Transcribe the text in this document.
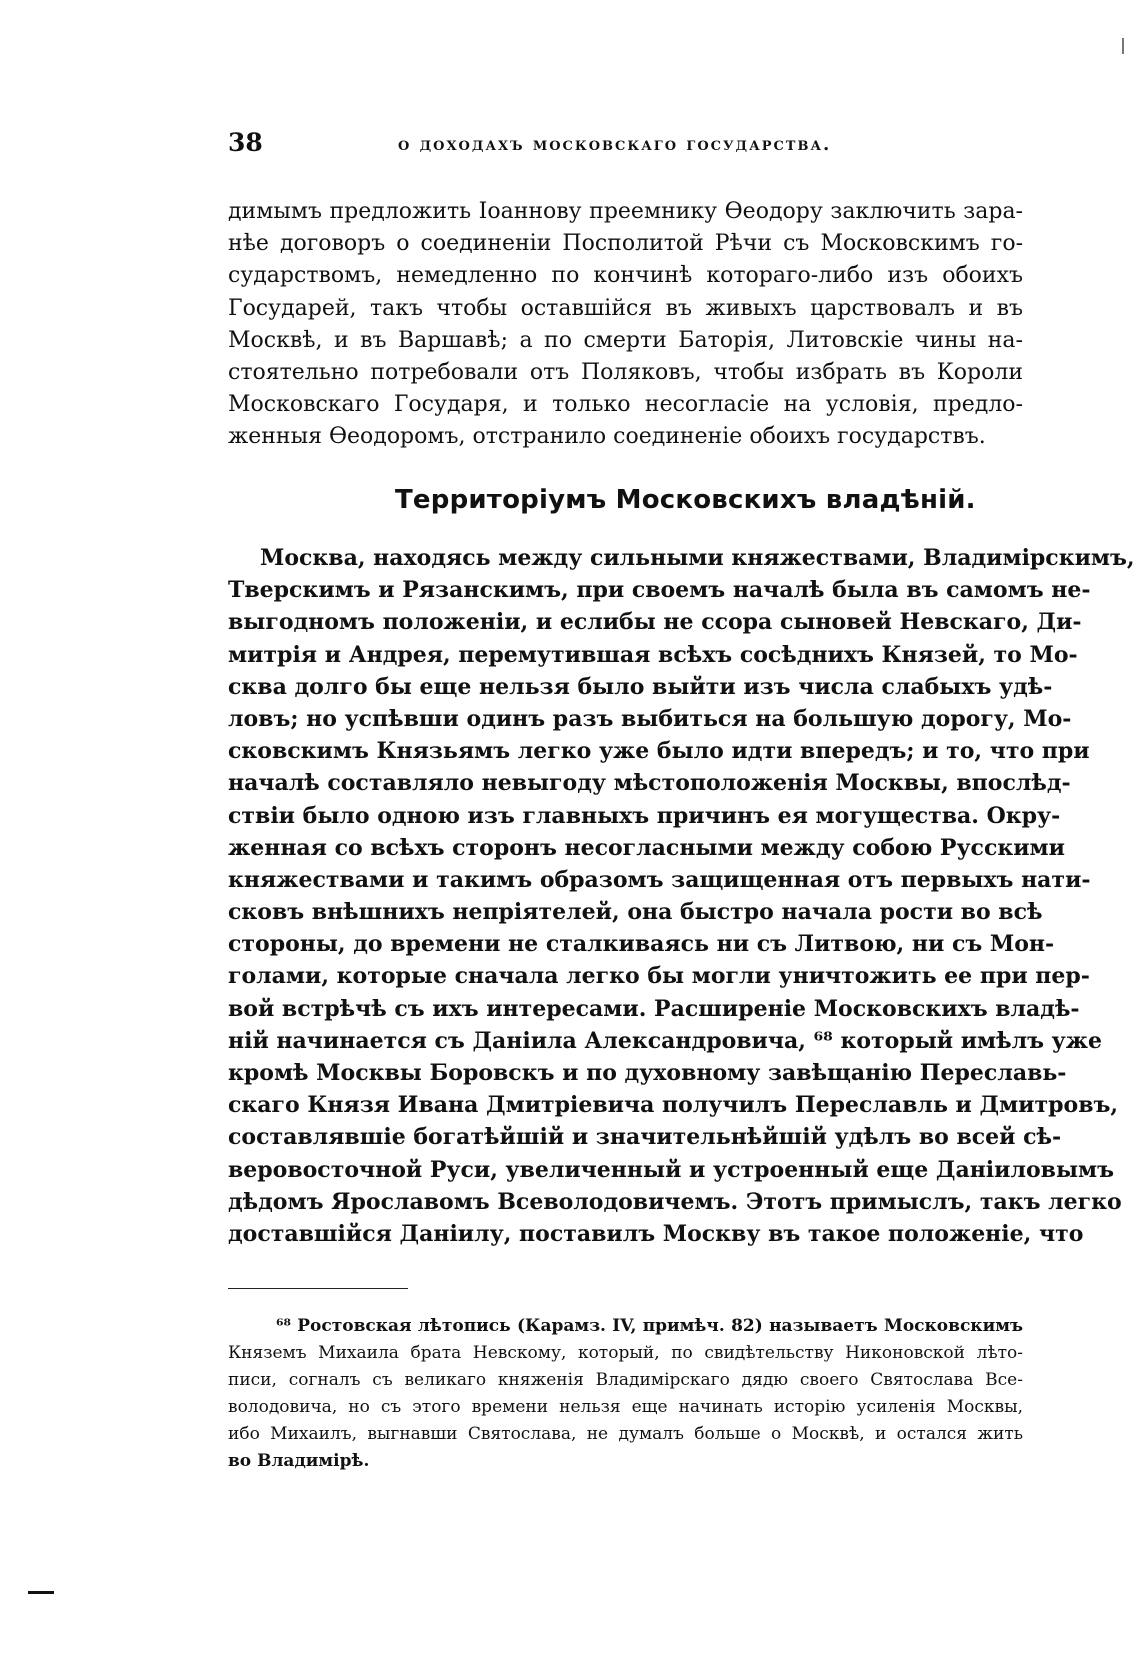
38	о доходахъ московскаго государства.
димымъ предложить Іоаннову преемнику Ѳеодору заключить зара-
нѣе договоръ о соединеніи Посполитой Рѣчи съ Московскимъ го-
сударствомъ, немедленно по кончинѣ котораго-либо изъ обоихъ
Государей, такъ чтобы оставшійся въ живыхъ царствовалъ и въ
Москвѣ, и въ Варшавѣ; а по смерти Баторія, Литовскіе чины на-
стоятельно потребовали отъ Поляковъ, чтобы избрать въ Короли
Московскаго Государя, и только несогласіе на условія, предло-
женныя Ѳеодоромъ, отстранило соединеніе обоихъ государствъ.
Территоріумъ Московскихъ владѣній.
Москва, находясь между сильными княжествами, Владимірскимъ,
Тверскимъ и Рязанскимъ, при своемъ началѣ была въ самомъ не-
выгодномъ положеніи, и еслибы не ссора сыновей Невскаго, Ди-
митрія и Андрея, перемутившая всѣхъ сосѣднихъ Князей, то Мо-
сква долго бы еще нельзя было выйти изъ числа слабыхъ удѣ-
ловъ; но успѣвши одинъ разъ выбиться на большую дорогу, Мо-
сковскимъ Князьямъ легко уже было идти впередъ; и то, что при
началѣ составляло невыгоду мѣстоположенія Москвы, впослѣд-
ствіи было одною изъ главныхъ причинъ ея могущества. Окру-
женная со всѣхъ сторонъ несогласными между собою Русскими
княжествами и такимъ образомъ защищенная отъ первыхъ нати-
сковъ внѣшнихъ непріятелей, она быстро начала рости во всѣ
стороны, до времени не сталкиваясь ни съ Литвою, ни съ Мон-
голами, которые сначала легко бы могли уничтожить ее при пер-
вой встрѣчѣ съ ихъ интересами. Расширеніе Московскихъ владѣ-
ній начинается съ Даніила Александровича, ⁶⁸ который имѣлъ уже
кромѣ Москвы Боровскъ и по духовному завѣщанію Переславь-
скаго Князя Ивана Дмитріевича получилъ Переславль и Дмитровъ,
составлявшіе богатѣйшій и значительнѣйшій удѣлъ во всей сѣ-
веровосточной Руси, увеличенный и устроенный еще Даніиловымъ
дѣдомъ Ярославомъ Всеволодовичемъ. Этотъ примыслъ, такъ легко
доставшійся Даніилу, поставилъ Москву въ такое положеніе, что
⁶⁸ Ростовская лѣтопись (Карамз. IV, примѣч. 82) называетъ Московскимъ
Княземъ Михаила брата Невскому, который, по свидѣтельству Никоновской лѣто-
писи, согналъ съ великаго княженія Владимірскаго дядю своего Святослава Все-
володовича, но съ этого времени нельзя еще начинать исторію усиленія Москвы,
ибо Михаилъ, выгнавши Святослава, не думалъ больше о Москвѣ, и остался жить
во Владимірѣ.
